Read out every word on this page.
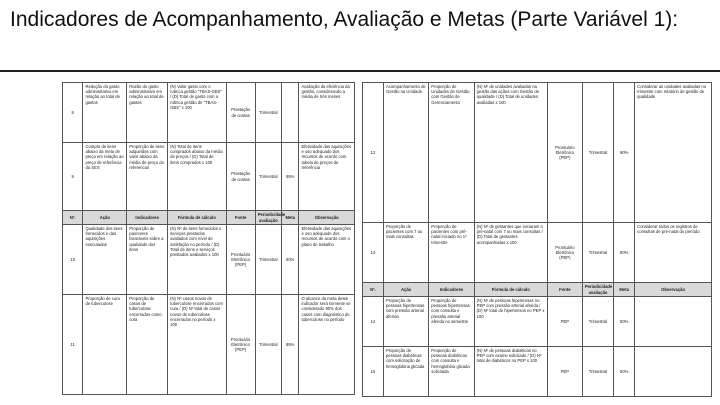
Indicadores de Acompanhamento, Avaliação e Metas (Parte Variável 1):
8	Redução do gasto administrativo em relação ao total de gastos	Razão do gasto administrativo em relação ao total de gastos	(N) Valor gasto com o rubrica gestão "TBAS-GBS" / (D) Total de gasto com a rubrica gestão de "TBAS-GBS" x 100	Prestação de contas	Trimestral		Avaliação da eficiência da gestão, considerando a média de três meses
9	Compra de itens abaixo da meta de preço em relação ao preço de referência da SES	Proporção de itens adquiridos com valor abaixo da média de preço do referencial	(N) Total de itens comprados abaixo da média de preços / (D) Total de itens comprados x 100	Prestação de contas	Trimestral	95%	Efetividade das aquisições e uso adequado dos recursos de acordo com tabela de preços de referência
Nº.	Ação	Indicadores	Fórmula de cálculo	Fonte	Periodicidade avaliação	Meta	Observação
10	Qualidade dos itens fornecidos e das aquisições executadas	Proporção de pareceres favoráveis sobre a qualidade dos itens	(N) Nº de itens fornecidos e serviços prestados avaliados com nível de satisfação no período / (D) Total de itens e serviços prestados avaliados x 100	Prontuário Eletrônico (PEP)	Trimestral	90%	Efetividade das aquisições e uso adequado dos recursos de acordo com o plano de trabalho
11	Proporção de cura de tuberculose	Proporção de casos de tuberculose encerrados como cura	(N) Nº casos novos de tuberculose encerrados com cura / (D) Nº total de casos novos de tuberculose encerrados no período x 100	Prontuário Eletrônico (PEP)	Trimestral	85%	O alcance da meta deste indicador será somente se considerado 90% dos casos com diagnóstico de tuberculose no período
12	Acompanhamento de Gestão na Unidade	Proporção de Unidades de Gestão com Gestão de Gerenciamento	(N) Nº de unidades avaliadas na gestão das ações com Gestão de qualidade / (D) Total de unidades avaliadas x 100	Prontuário Eletrônico (PEP)	Trimestral	90%	Considerar as unidades avaliadas no trimestre com relatório de gestão de qualidade
13	Proporção de pacientes com 7 ou mais consultas	Proporção de pacientes com pré-natal iniciado no 1º trimestre	(N) Nº de gestantes que iniciaram o pré-natal com 7 ou mais consultas / (D) Total de gestantes acompanhadas x 100	Prontuário Eletrônico (PEP)	Trimestral	80%	Considerar todos os registros de consultas de pré-natal do período
Nº.	Ação	Indicadores	Fórmula de cálculo	Fonte	Periodicidade avaliação	Meta	Observação
14	Proporção de pessoas hipertensas com pressão arterial aferida	Proporção de pessoas hipertensas com consulta e pressão arterial aferida no semestre	(N) Nº de pessoas hipertensas no PEP com pressão arterial aferida / (D) Nº total de hipertensos no PEP x 100	PEP	Trimestral	50%	
15	Proporção de pessoas diabéticas com solicitação de hemoglobina glicada	Proporção de pessoas diabéticas com consulta e hemoglobina glicada solicitada	(N) Nº de pessoas diabéticas no PEP com exame solicitado / (D) Nº total de diabéticos no PEP x 100	PEP	Trimestral	50%	
